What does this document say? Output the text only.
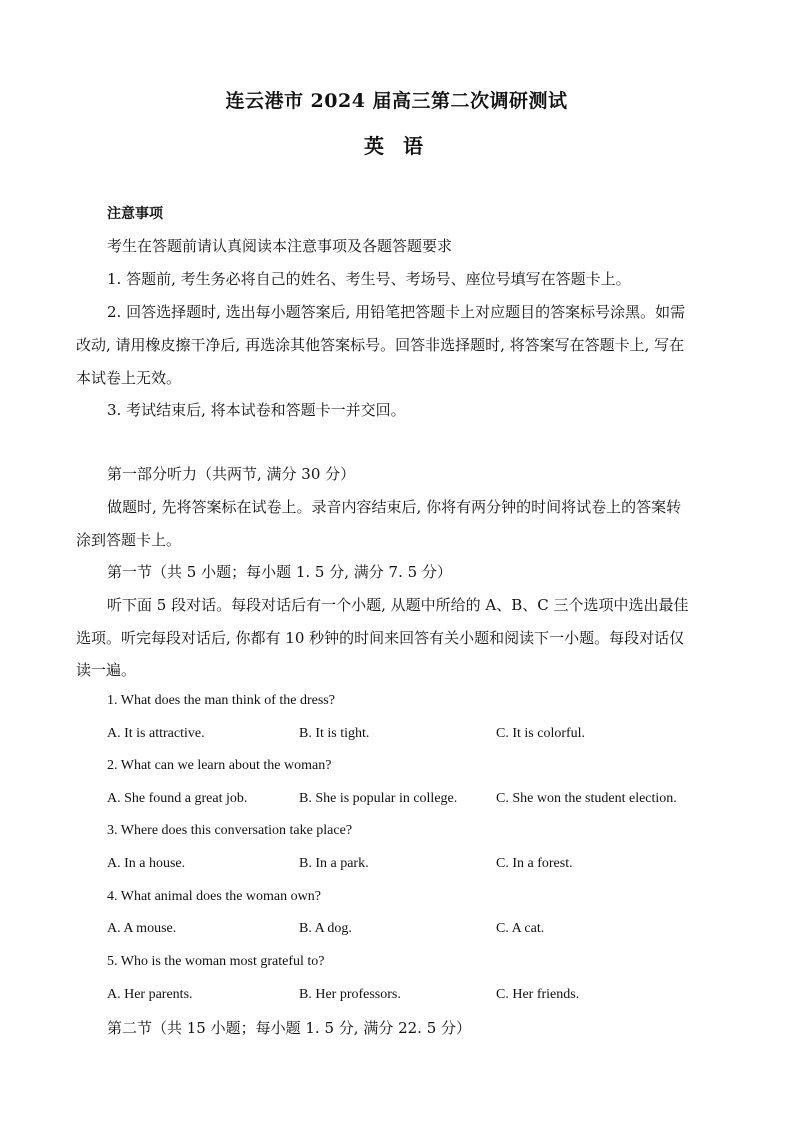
连云港市 2024 届高三第二次调研测试
英 语
注意事项
考生在答题前请认真阅读本注意事项及各题答题要求
1. 答题前, 考生务必将自己的姓名、考生号、考场号、座位号填写在答题卡上。
2. 回答选择题时, 选出每小题答案后, 用铅笔把答题卡上对应题目的答案标号涂黑。如需
改动, 请用橡皮擦干净后, 再选涂其他答案标号。回答非选择题时, 将答案写在答题卡上, 写在
本试卷上无效。
3. 考试结束后, 将本试卷和答题卡一并交回。
第一部分听力（共两节, 满分 30 分）
做题时, 先将答案标在试卷上。录音内容结束后, 你将有两分钟的时间将试卷上的答案转
涂到答题卡上。
第一节（共 5 小题；每小题 1. 5 分, 满分 7. 5 分）
听下面 5 段对话。每段对话后有一个小题, 从题中所给的 A、B、C 三个选项中选出最佳
选项。听完每段对话后, 你都有 10 秒钟的时间来回答有关小题和阅读下一小题。每段对话仅
读一遍。
1. What does the man think of the dress?
A. It is attractive.	B. It is tight.	C. It is colorful.
2. What can we learn about the woman?
A. She found a great job.	B. She is popular in college.	C. She won the student election.
3. Where does this conversation take place?
A. In a house.	B. In a park.	C. In a forest.
4. What animal does the woman own?
A. A mouse.	B. A dog.	C. A cat.
5. Who is the woman most grateful to?
A. Her parents.	B. Her professors.	C. Her friends.
第二节（共 15 小题；每小题 1. 5 分, 满分 22. 5 分）
